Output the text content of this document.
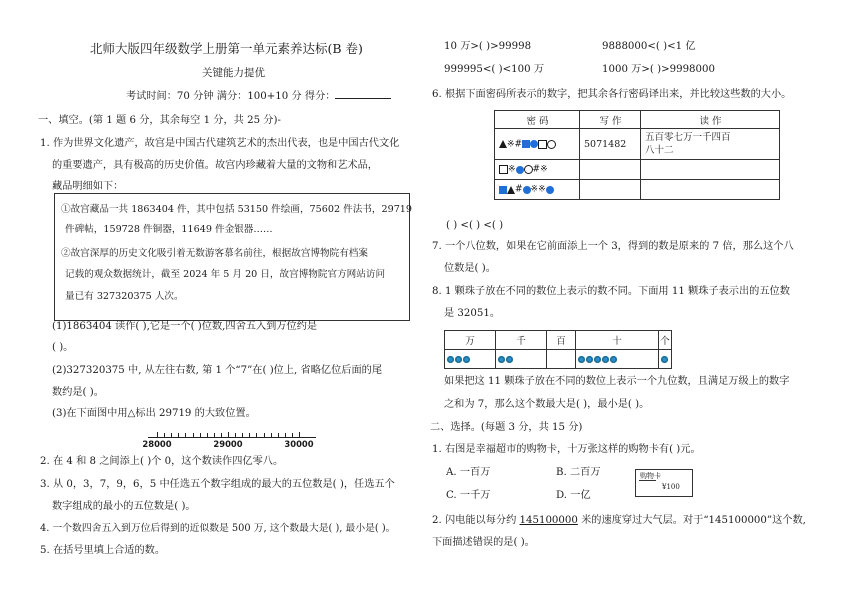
北师大版四年级数学上册第一单元素养达标(B 卷)
关键能力提优
考试时间：70 分钟 满分：100+10 分 得分：
一、填空。(第 1 题 6 分，其余每空 1 分，共 25 分)-
1. 作为世界文化遗产，故宫是中国古代建筑艺术的杰出代表，也是中国古代文化
的重要遗产，具有极高的历史价值。故宫内珍藏着大量的文物和艺术品，
藏品明细如下：
①故宫藏品一共 1863404 件，其中包括 53150 件绘画，75602 件法书，29719
件碑帖，159728 件铜器，11649 件金银器……
②故宫深厚的历史文化吸引着无数游客慕名前往，根据故宫博物院有档案
记载的观众数据统计，截至 2024 年 5 月 20 日，故宫博物院官方网站访问
量已有 327320375 人次。
(1)1863404 读作( ),它是一个( )位数,四舍五入到万位约是
( )。
(2)327320375 中, 从左往右数, 第 1 个“7”在( )位上, 省略亿位后面的尾
数约是( )。
(3)在下面图中用△标出 29719 的大致位置。
2. 在 4 和 8 之间添上( )个 0，这个数读作四亿零八。
3. 从 0，3，7，9，6，5 中任选五个数字组成的最大的五位数是( )，任选五个
数字组成的最小的五位数是( )。
4. 一个数四舍五入到万位后得到的近似数是 500 万, 这个数最大是( ), 最小是( )。
5. 在括号里填上合适的数。
28000	29000	30000
10 万>( )>99998	9888000<( )<1 亿
999995<( )<100 万	1000 万>( )>9998000
6. 根据下面密码所表示的数字，把其余各行密码译出来，并比较这些数的大小。
密码	写作	读作
※#	5071482	五百零七万一千四百
八十二
※ #※		
# ※※		
( ) <( ) <( )
7. 一个八位数，如果在它前面添上一个 3，得到的数是原来的 7 倍，那么这个八
位数是( )。
8. 1 颗珠子放在不同的数位上表示的数不同。下面用 11 颗珠子表示出的五位数
是 32051。
万	千	百	十	个

如果把这 11 颗珠子放在不同的数位上表示一个九位数，且满足万级上的数字
之和为 7，那么这个数最大是( )，最小是( )。
二、选择。(每题 3 分，共 15 分)
1. 右图是幸福超市的购物卡，十万张这样的购物卡有( )元。
A. 一百万	B. 二百万
C. 一千万	D. 一亿
购物卡
¥100
2. 闪电能以每分约 145100000 米的速度穿过大气层。对于“145100000”这个数,
下面描述错误的是( )。
